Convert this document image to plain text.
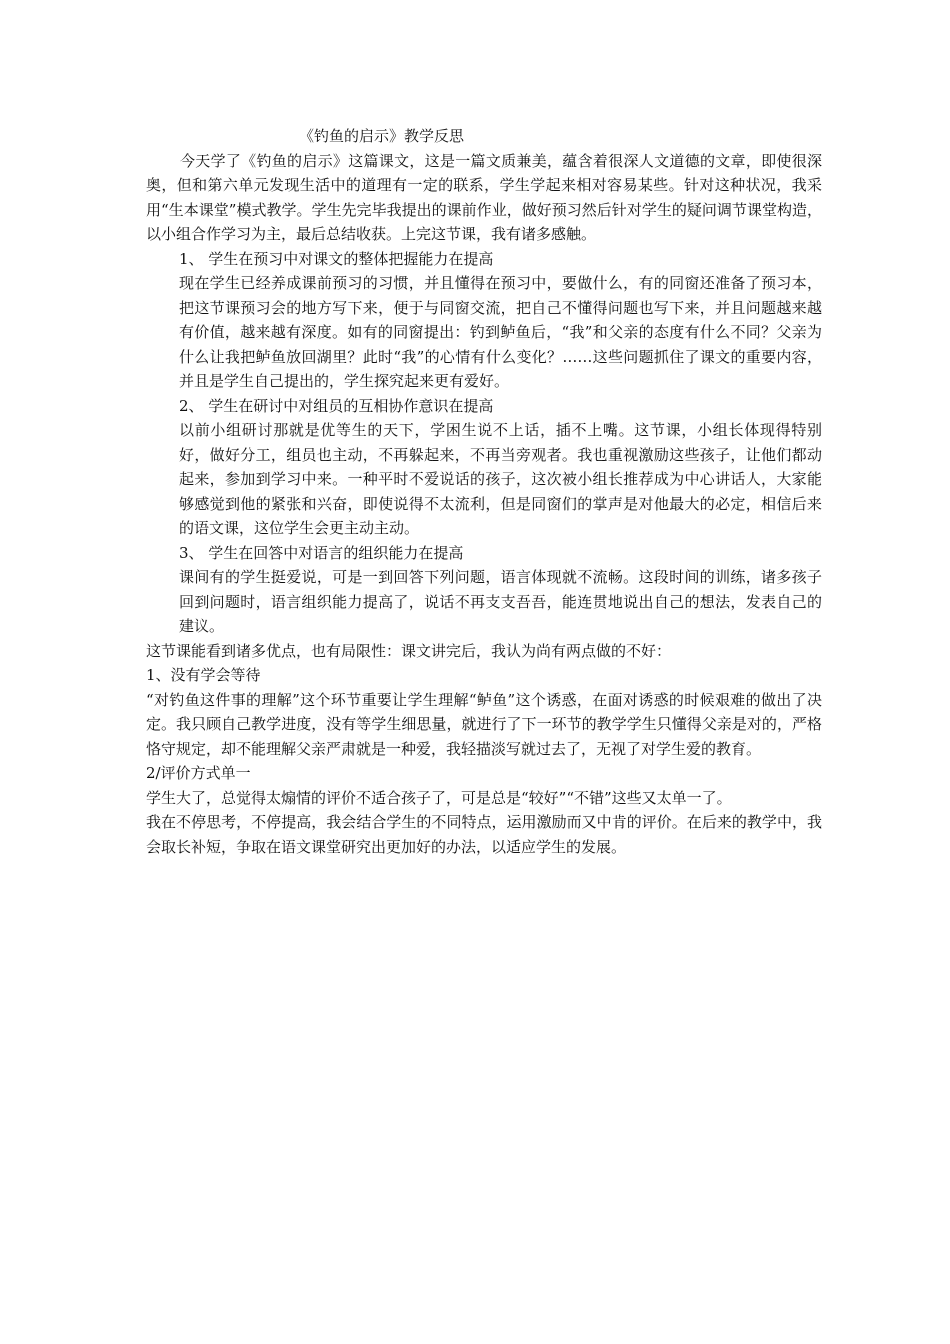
《钓鱼的启示》教学反思

今天学了《钓鱼的启示》这篇课文，这是一篇文质兼美，蕴含着很深人文道德的文章，即使很深奥，但和第六单元发现生活中的道理有一定的联系，学生学起来相对容易某些。针对这种状况，我采用“生本课堂”模式教学。学生先完毕我提出的课前作业，做好预习然后针对学生的疑问调节课堂构造，以小组合作学习为主，最后总结收获。上完这节课，我有诸多感触。

1、 学生在预习中对课文的整体把握能力在提高

现在学生已经养成课前预习的习惯，并且懂得在预习中，要做什么，有的同窗还准备了预习本，把这节课预习会的地方写下来，便于与同窗交流，把自己不懂得问题也写下来，并且问题越来越有价值，越来越有深度。如有的同窗提出：钓到鲈鱼后，“我”和父亲的态度有什么不同？父亲为什么让我把鲈鱼放回湖里？此时“我”的心情有什么变化？……这些问题抓住了课文的重要内容，并且是学生自己提出的，学生探究起来更有爱好。

2、 学生在研讨中对组员的互相协作意识在提高

以前小组研讨那就是优等生的天下，学困生说不上话，插不上嘴。这节课，小组长体现得特别好，做好分工，组员也主动，不再躲起来，不再当旁观者。我也重视激励这些孩子，让他们都动起来，参加到学习中来。一种平时不爱说话的孩子，这次被小组长推荐成为中心讲话人，大家能够感觉到他的紧张和兴奋，即使说得不太流利，但是同窗们的掌声是对他最大的必定，相信后来的语文课，这位学生会更主动主动。

3、 学生在回答中对语言的组织能力在提高

课间有的学生挺爱说，可是一到回答下列问题，语言体现就不流畅。这段时间的训练，诸多孩子回到问题时，语言组织能力提高了，说话不再支支吾吾，能连贯地说出自己的想法，发表自己的建议。

这节课能看到诸多优点，也有局限性：课文讲完后，我认为尚有两点做的不好：

1、没有学会等待

“对钓鱼这件事的理解”这个环节重要让学生理解“鲈鱼”这个诱惑，在面对诱惑的时候艰难的做出了决定。我只顾自己教学进度，没有等学生细思量，就进行了下一环节的教学学生只懂得父亲是对的，严格恪守规定，却不能理解父亲严肃就是一种爱，我轻描淡写就过去了，无视了对学生爱的教育。

2/评价方式单一

学生大了，总觉得太煽情的评价不适合孩子了，可是总是“较好”“不错”这些又太单一了。

我在不停思考，不停提高，我会结合学生的不同特点，运用激励而又中肯的评价。在后来的教学中，我会取长补短，争取在语文课堂研究出更加好的办法，以适应学生的发展。
